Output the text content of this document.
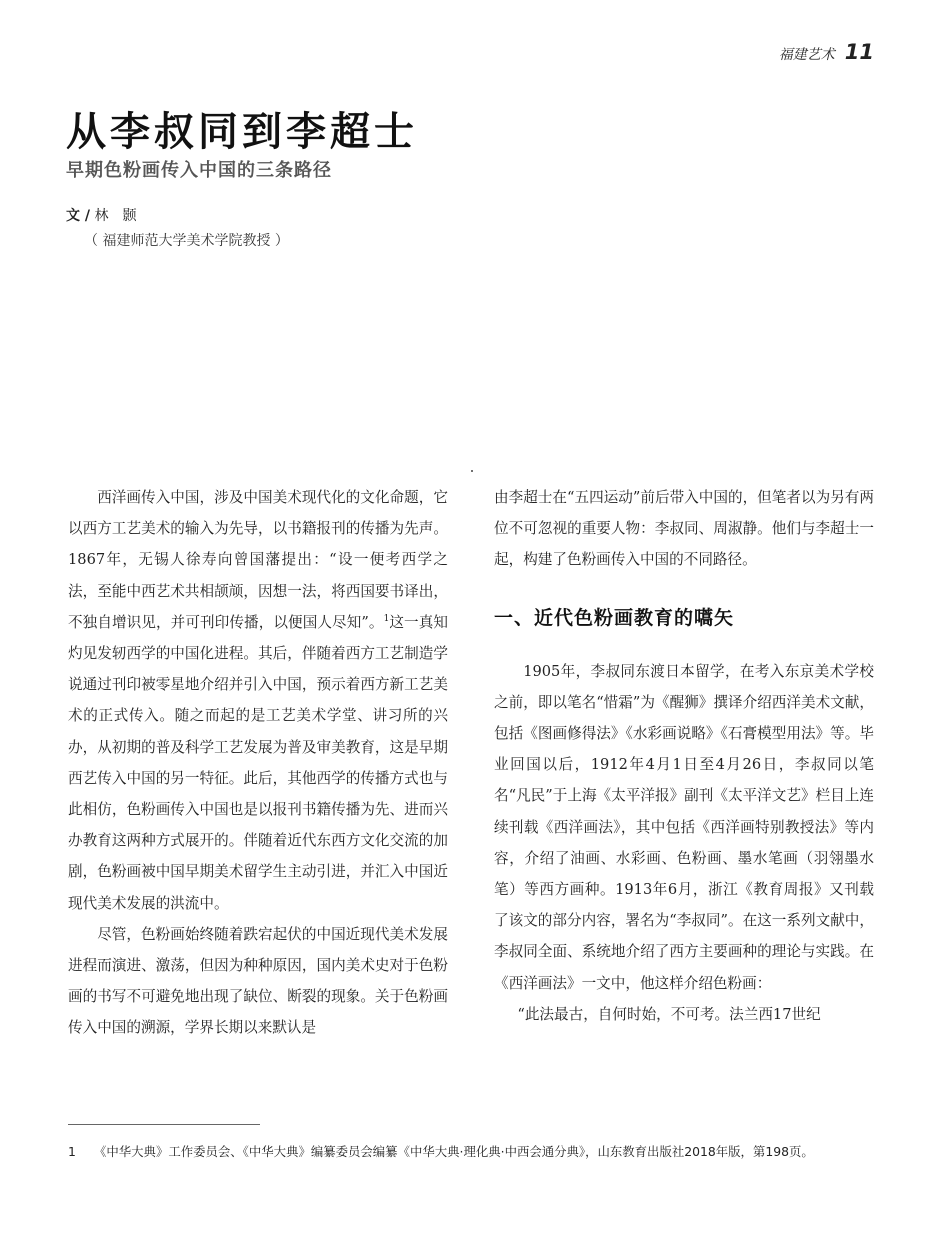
福建艺术 11
从李叔同到李超士
早期色粉画传入中国的三条路径
文 / 林　颢
（ 福建师范大学美术学院教授 ）

西洋画传入中国，涉及中国美术现代化的文化命题，它以西方工艺美术的输入为先导，以书籍报刊的传播为先声。1867年，无锡人徐寿向曾国藩提出：“设一便考西学之法，至能中西艺术共相颉颃，因想一法，将西国要书译出，不独自增识见，并可刊印传播，以便国人尽知”。$^1$这一真知灼见发轫西学的中国化进程。其后，伴随着西方工艺制造学说通过刊印被零星地介绍并引入中国，预示着西方新工艺美术的正式传入。随之而起的是工艺美术学堂、讲习所的兴办，从初期的普及科学工艺发展为普及审美教育，这是早期西艺传入中国的另一特征。此后，其他西学的传播方式也与此相仿，色粉画传入中国也是以报刊书籍传播为先、进而兴办教育这两种方式展开的。伴随着近代东西方文化交流的加剧，色粉画被中国早期美术留学生主动引进，并汇入中国近现代美术发展的洪流中。

尽管，色粉画始终随着跌宕起伏的中国近现代美术发展进程而演进、激荡，但因为种种原因，国内美术史对于色粉画的书写不可避免地出现了缺位、断裂的现象。关于色粉画传入中国的溯源，学界长期以来默认是

由李超士在“五四运动”前后带入中国的，但笔者以为另有两位不可忽视的重要人物：李叔同、周淑静。他们与李超士一起，构建了色粉画传入中国的不同路径。

一、近代色粉画教育的嚆矢

1905年，李叔同东渡日本留学，在考入东京美术学校之前，即以笔名“惜霜”为《醒狮》撰译介绍西洋美术文献，包括《图画修得法》《水彩画说略》《石膏模型用法》等。毕业回国以后，1912年4月1日至4月26日，李叔同以笔名“凡民”于上海《太平洋报》副刊《太平洋文艺》栏目上连续刊载《西洋画法》，其中包括《西洋画特别教授法》等内容，介绍了油画、水彩画、色粉画、墨水笔画（羽翎墨水笔）等西方画种。1913年6月，浙江《教育周报》又刊载了该文的部分内容，署名为“李叔同”。在这一系列文献中，李叔同全面、系统地介绍了西方主要画种的理论与实践。在《西洋画法》一文中，他这样介绍色粉画：

“此法最古，自何时始，不可考。法兰西17世纪

1 《中华大典》工作委员会、《中华大典》编纂委员会编纂《中华大典·理化典·中西会通分典》，山东教育出版社2018年版，第198页。
